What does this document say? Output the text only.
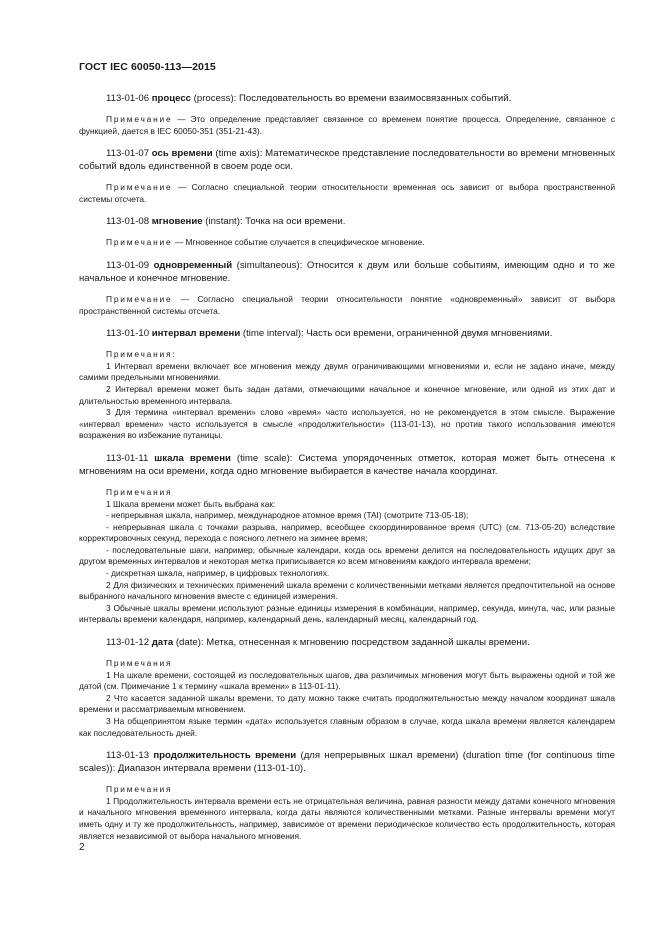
ГОСТ IEC 60050-113—2015

113-01-06 процесс (process): Последовательность во времени взаимосвязанных событий.

Примечание — Это определение представляет связанное со временем понятие процесса. Определение, связанное с функцией, дается в IEC 60050-351 (351-21-43).

113-01-07 ось времени (time axis): Математическое представление последовательности во времени мгновенных событий вдоль единственной в своем роде оси.

Примечание — Согласно специальной теории относительности временная ось зависит от выбора пространственной системы отсчета.

113-01-08 мгновение (instant): Точка на оси времени.

Примечание — Мгновенное событие случается в специфическое мгновение.

113-01-09 одновременный (simultaneous): Относится к двум или больше событиям, имеющим одно и то же начальное и конечное мгновение.

Примечание — Согласно специальной теории относительности понятие «одновременный» зависит от выбора пространственной системы отсчета.

113-01-10 интервал времени (time interval): Часть оси времени, ограниченной двумя мгновениями.

Примечания:

1 Интервал времени включает все мгновения между двумя ограничивающими мгновениями и, если не задано иначе, между самими предельными мгновениями.

2 Интервал времени может быть задан датами, отмечающими начальное и конечное мгновение, или одной из этих дат и длительностью временного интервала.

3 Для термина «интервал времени» слово «время» часто используется, но не рекомендуется в этом смысле. Выражение «интервал времени» часто используется в смысле «продолжительности» (113-01-13), но против такого использования имеются возражения во избежание путаницы.

113-01-11 шкала времени (time scale): Система упорядоченных отметок, которая может быть отнесена к мгновениям на оси времени, когда одно мгновение выбирается в качестве начала координат.

Примечания

1 Шкала времени может быть выбрана как:

- непрерывная шкала, например, международное атомное время (TAI) (смотрите 713-05-18);

- непрерывная шкала с точками разрыва, например, всеобщее скоординированное время (UTC) (см. 713-05-20) вследствие корректировочных секунд, перехода с поясного летнего на зимнее время;

- последовательные шаги, например, обычные календари, когда ось времени делится на последовательность идущих друг за другом временных интервалов и некоторая метка приписывается ко всем мгновениям каждого интервала времени;

- дискретная шкала, например, в цифровых технологиях.

2 Для физических и технических применений шкала времени с количественными метками является предпочтительной на основе выбранного начального мгновения вместе с единицей измерения.

3 Обычные шкалы времени используют разные единицы измерения в комбинации, например, секунда, минута, час, или разные интервалы времени календаря, например, календарный день, календарный месяц, календарный год.

113-01-12 дата (date): Метка, отнесенная к мгновению посредством заданной шкалы времени.

Примечания

1 На шкале времени, состоящей из последовательных шагов, два различимых мгновения могут быть выражены одной и той же датой (см. Примечание 1 к термину «шкала времени» в 113-01-11).

2 Что касается заданной шкалы времени, то дату можно также считать продолжительностью между началом координат шкала времени и рассматриваемым мгновением.

3 На общепринятом языке термин «дата» используется главным образом в случае, когда шкала времени является календарем как последовательность дней.

113-01-13 продолжительность времени (для непрерывных шкал времени) (duration time (for continuous time scales)): Диапазон интервала времени (113-01-10).

Примечания

1 Продолжительность интервала времени есть не отрицательная величина, равная разности между датами конечного мгновения и начального мгновения временного интервала, когда даты являются количественными метками. Разные интервалы времени могут иметь одну и ту же продолжительность, например, зависимое от времени периодическое количество есть продолжительность, которая является независимой от выбора начального мгновения.

2
